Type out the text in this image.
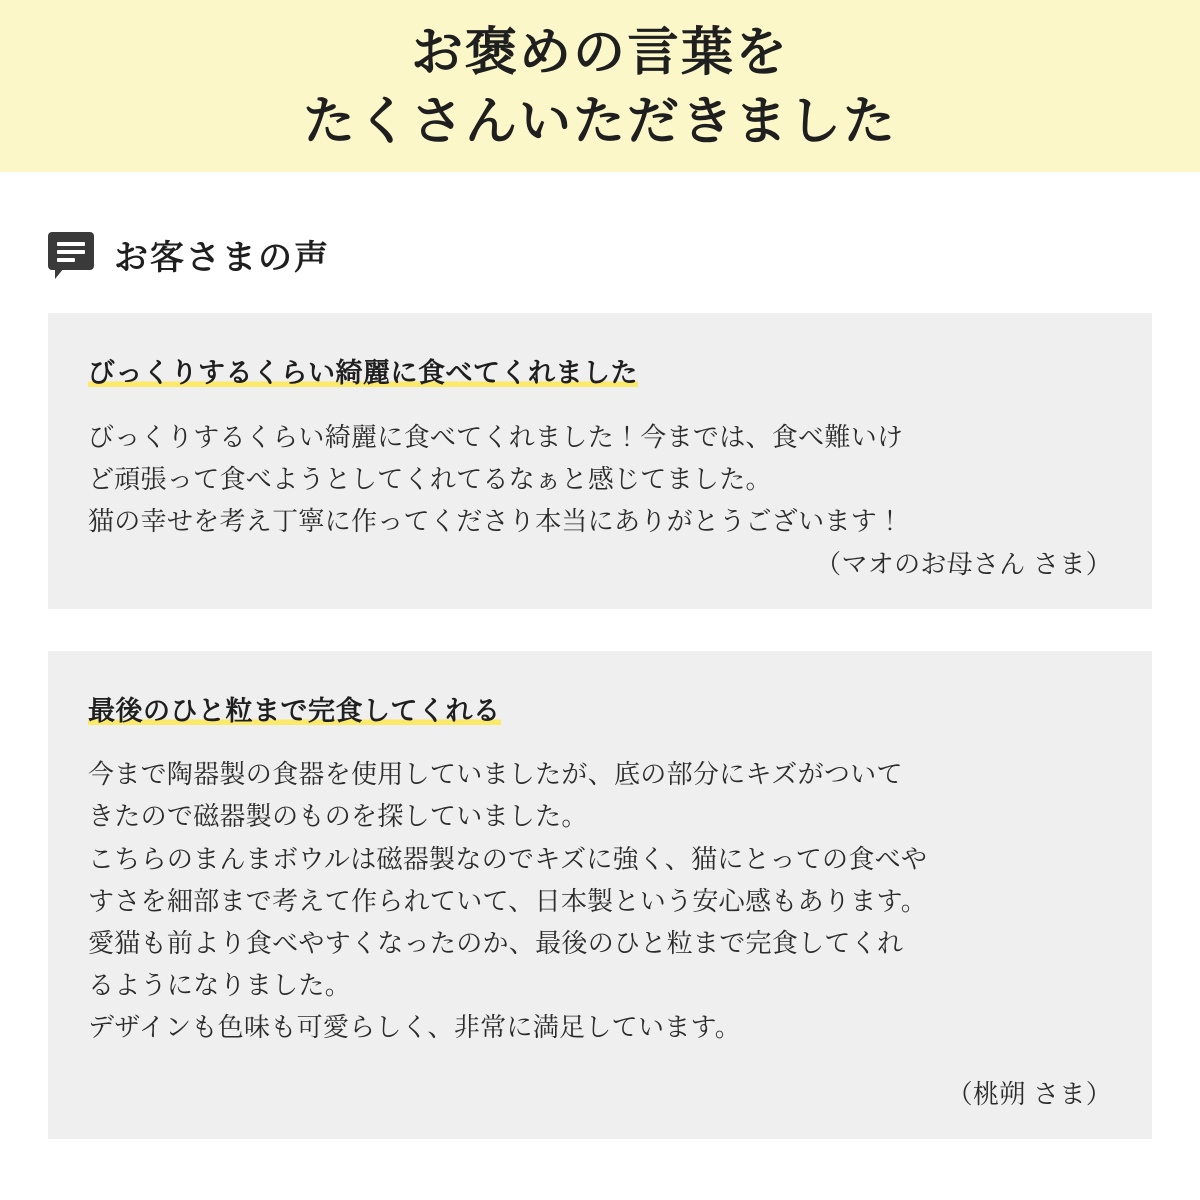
お褒めの言葉を
たくさんいただきました
お客さまの声
びっくりするくらい綺麗に食べてくれました

びっくりするくらい綺麗に食べてくれました！今までは、食べ難いけ

ど頑張って食べようとしてくれてるなぁと感じてました。

猫の幸せを考え丁寧に作ってくださり本当にありがとうございます！

（マオのお母さん さま）
最後のひと粒まで完食してくれる

今まで陶器製の食器を使用していましたが、底の部分にキズがついて

きたので磁器製のものを探していました。

こちらのまんまボウルは磁器製なのでキズに強く、猫にとっての食べや

すさを細部まで考えて作られていて、日本製という安心感もあります。

愛猫も前より食べやすくなったのか、最後のひと粒まで完食してくれ

るようになりました。

デザインも色味も可愛らしく、非常に満足しています。

（桃朔 さま）
